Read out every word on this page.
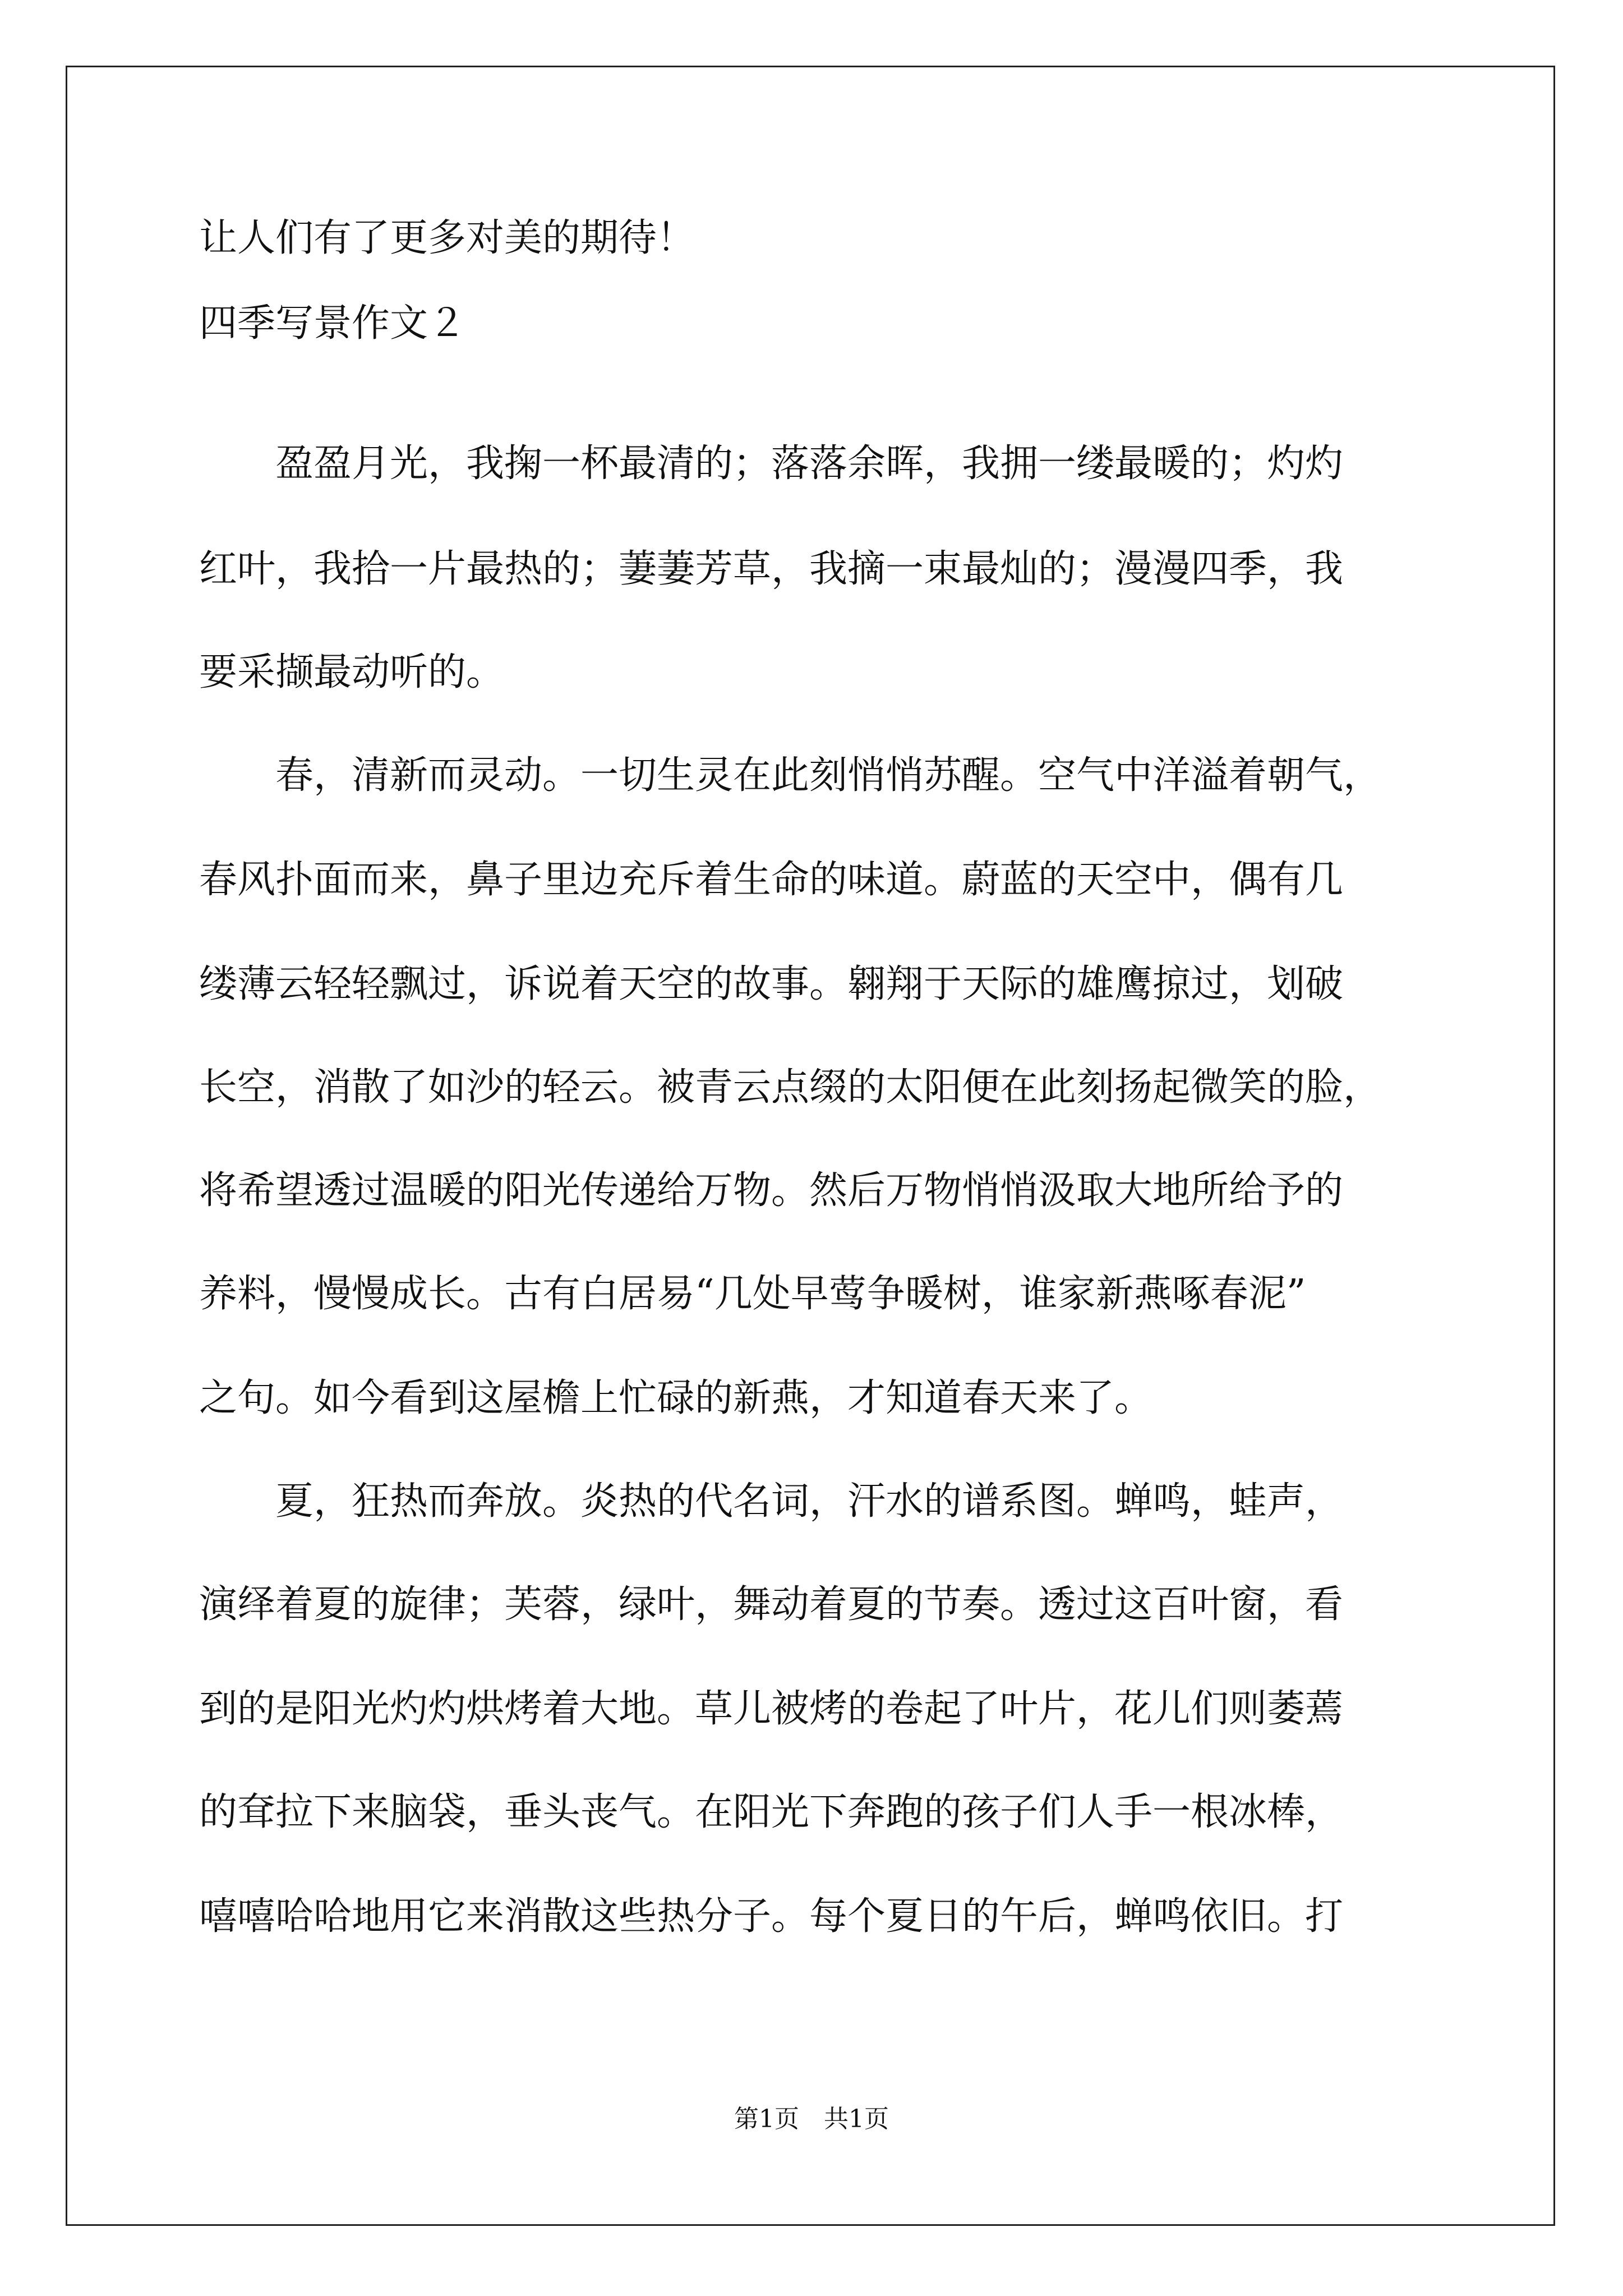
让人们有了更多对美的期待！
四季写景作文２
　　盈盈月光，我掬一杯最清的；落落余晖，我拥一缕最暖的；灼灼
红叶，我拾一片最热的；萋萋芳草，我摘一束最灿的；漫漫四季，我
要采撷最动听的。
　　春，清新而灵动。一切生灵在此刻悄悄苏醒。空气中洋溢着朝气，
春风扑面而来，鼻子里边充斥着生命的味道。蔚蓝的天空中，偶有几
缕薄云轻轻飘过，诉说着天空的故事。翱翔于天际的雄鹰掠过，划破
长空，消散了如沙的轻云。被青云点缀的太阳便在此刻扬起微笑的脸，
将希望透过温暖的阳光传递给万物。然后万物悄悄汲取大地所给予的
养料，慢慢成长。古有白居易“几处早莺争暖树，谁家新燕啄春泥”
之句。如今看到这屋檐上忙碌的新燕，才知道春天来了。
　　夏，狂热而奔放。炎热的代名词，汗水的谱系图。蝉鸣，蛙声，
演绎着夏的旋律；芙蓉，绿叶，舞动着夏的节奏。透过这百叶窗，看
到的是阳光灼灼烘烤着大地。草儿被烤的卷起了叶片，花儿们则萎蔫
的耷拉下来脑袋，垂头丧气。在阳光下奔跑的孩子们人手一根冰棒，
嘻嘻哈哈地用它来消散这些热分子。每个夏日的午后，蝉鸣依旧。打
第1页 共1页
